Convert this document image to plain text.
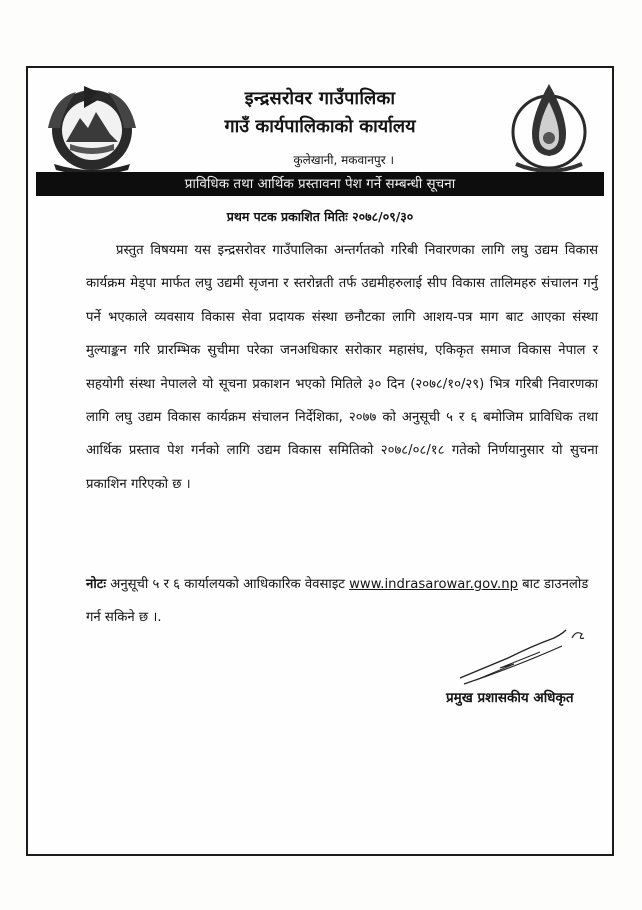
इन्द्रसरोवर गाउँपालिका
गाउँ कार्यपालिकाको कार्यालय
कुलेखानी, मकवानपुर ।
प्राविधिक तथा आर्थिक प्रस्तावना पेश गर्ने सम्बन्धी सूचना
प्रथम पटक प्रकाशित मितिः २०७८/०९/३०
प्रस्तुत विषयमा यस इन्द्रसरोवर गाउँपालिका अन्तर्गतको गरिबी निवारणका लागि लघु उद्यम विकास कार्यक्रम मेड्पा मार्फत लघु उद्यमी सृजना र स्तरोन्नती तर्फ उद्यमीहरुलाई सीप विकास तालिमहरु संचालन गर्नु पर्ने भएकाले व्यवसाय विकास सेवा प्रदायक संस्था छनौटका लागि आशय-पत्र माग बाट आएका संस्था मुल्याङ्कन गरि प्रारम्भिक सुचीमा परेका जनअधिकार सरोकार महासंघ, एकिकृत समाज विकास नेपाल र सहयोगी संस्था नेपालले यो सूचना प्रकाशन भएको मितिले ३० दिन (२०७८/१०/२९) भित्र गरिबी निवारणका लागि लघु उद्यम विकास कार्यक्रम संचालन निर्देशिका, २०७७ को अनुसूची ५ र ६ बमोजिम प्राविधिक तथा आर्थिक प्रस्ताव पेश गर्नको लागि उद्यम विकास समितिको २०७८/०८/१८ गतेको निर्णयानुसार यो सुचना प्रकाशिन गरिएको छ ।
नोटः अनुसूची ५ र ६ कार्यालयको आधिकारिक वेवसाइट www.indrasarowar.gov.np बाट डाउनलोड गर्न सकिने छ ।.
प्रमुख प्रशासकीय अधिकृत
